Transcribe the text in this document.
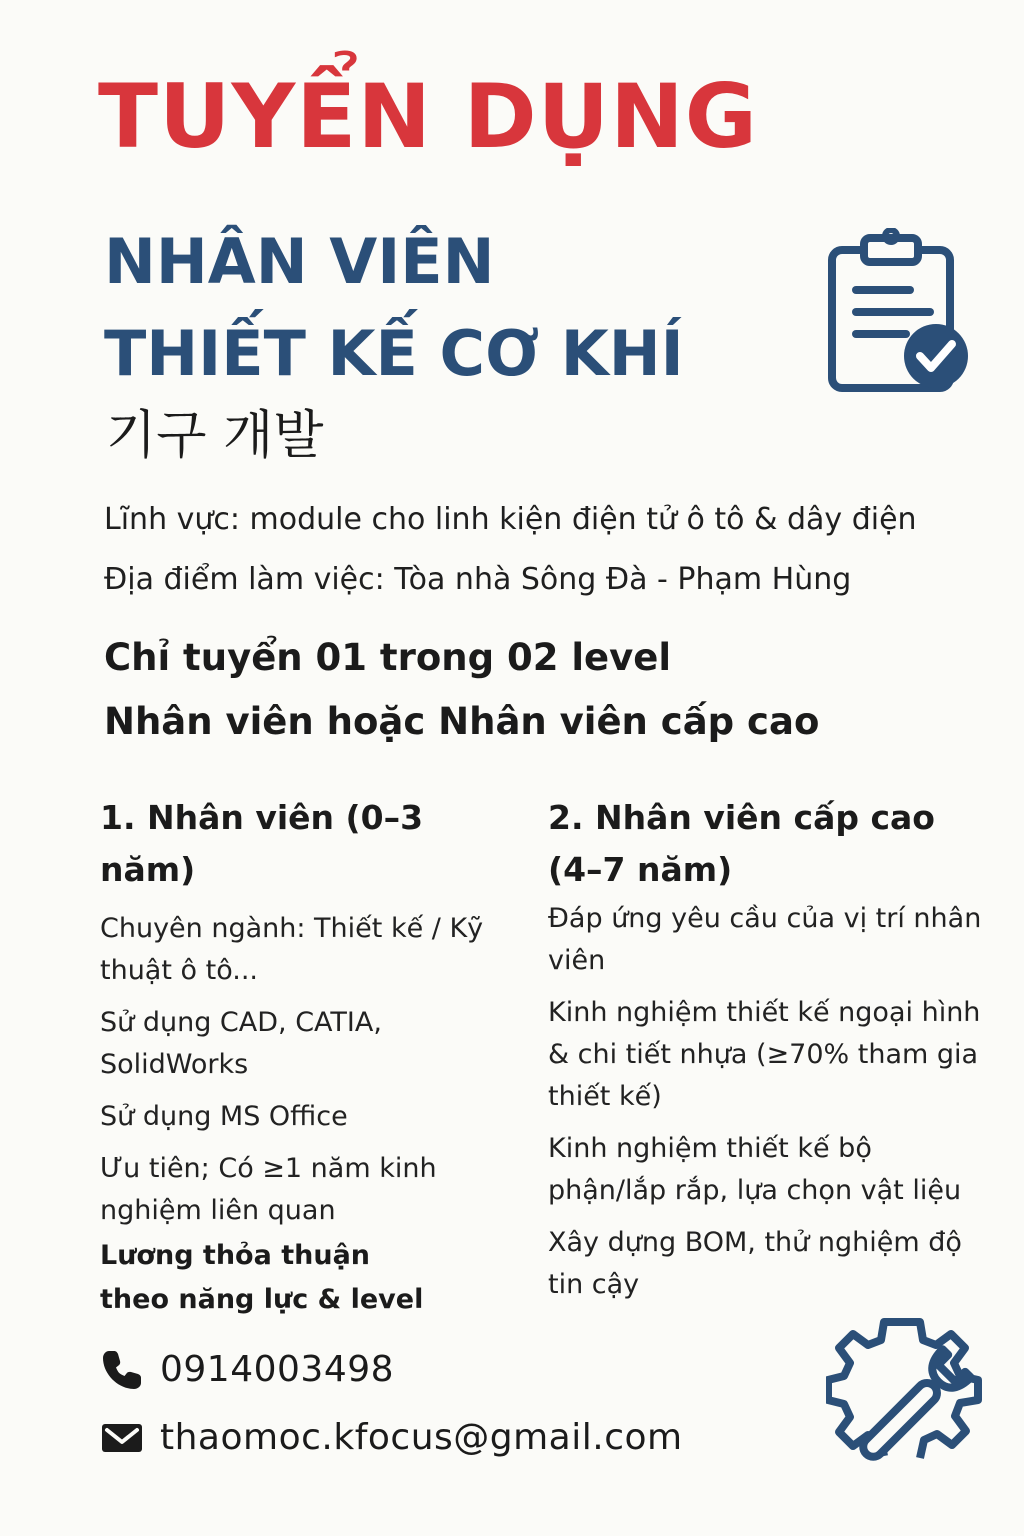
TUYỂN DỤNG
NHÂN VIÊN
THIẾT KẾ CƠ KHÍ
기구 개발
Lĩnh vực: module cho linh kiện điện tử ô tô & dây điện
Địa điểm làm việc: Tòa nhà Sông Đà - Phạm Hùng
Chỉ tuyển 01 trong 02 level
Nhân viên hoặc Nhân viên cấp cao
1. Nhân viên (0–3 năm)
Chuyên ngành: Thiết kế / Kỹ thuật ô tô...
Sử dụng CAD, CATIA, SolidWorks
Sử dụng MS Office
Ưu tiên; Có ≥1 năm kinh nghiệm liên quan
2. Nhân viên cấp cao (4–7 năm)
Đáp ứng yêu cầu của vị trí nhân viên
Kinh nghiệm thiết kế ngoại hình & chi tiết nhựa (≥70% tham gia thiết kế)
Kinh nghiệm thiết kế bộ phận/lắp rắp, lựa chọn vật liệu
Xây dựng BOM, thử nghiệm độ tin cậy
Lương thỏa thuận
theo năng lực & level
0914003498
thaomoc.kfocus@gmail.com
